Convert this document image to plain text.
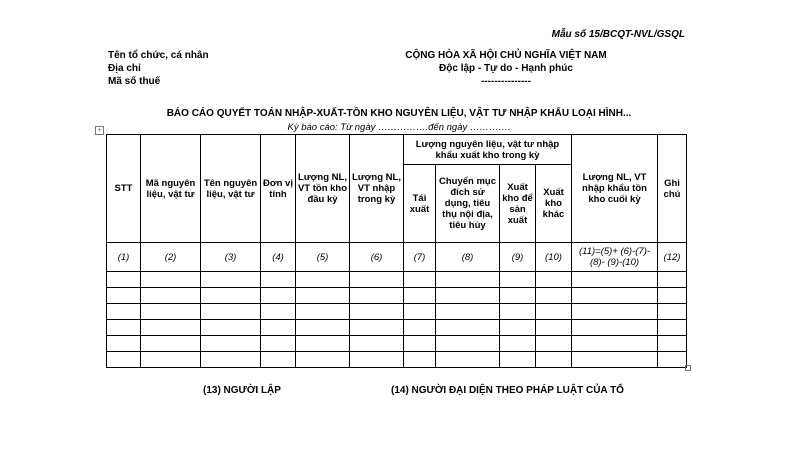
Mẫu số 15/BCQT-NVL/GSQL
Tên tổ chức, cá nhân
Địa chỉ
Mã số thuế
CỘNG HÒA XÃ HỘI CHỦ NGHĨA VIỆT NAM
Độc lập - Tự do - Hạnh phúc
---------------
BÁO CÁO QUYẾT TOÁN NHẬP-XUẤT-TỒN KHO NGUYÊN LIỆU, VẬT TƯ NHẬP KHẨU LOẠI HÌNH...
+	Kỳ báo cáo: Từ ngày …………….đến ngày ………….
STT	Mã nguyên liệu, vật tư	Tên nguyên liệu, vật tư	Đơn vị tính	Lượng NL, VT tồn kho đầu kỳ	Lượng NL, VT nhập trong kỳ	Lượng nguyên liệu, vật tư nhập khẩu xuất kho trong kỳ				Lượng NL, VT nhập khẩu tồn kho cuối kỳ	Ghi chú
						Tái xuất	Chuyển mục đích sử dụng, tiêu thụ nội địa, tiêu hủy	Xuất kho để sản xuất	Xuất kho khác		
(1)	(2)	(3)	(4)	(5)	(6)	(7)	(8)	(9)	(10)	(11)=(5)+ (6)-(7)-(8)- (9)-(10)	(12)

(13) NGƯỜI LẬP	(14) NGƯỜI ĐẠI DIỆN THEO PHÁP LUẬT CỦA TỔ
